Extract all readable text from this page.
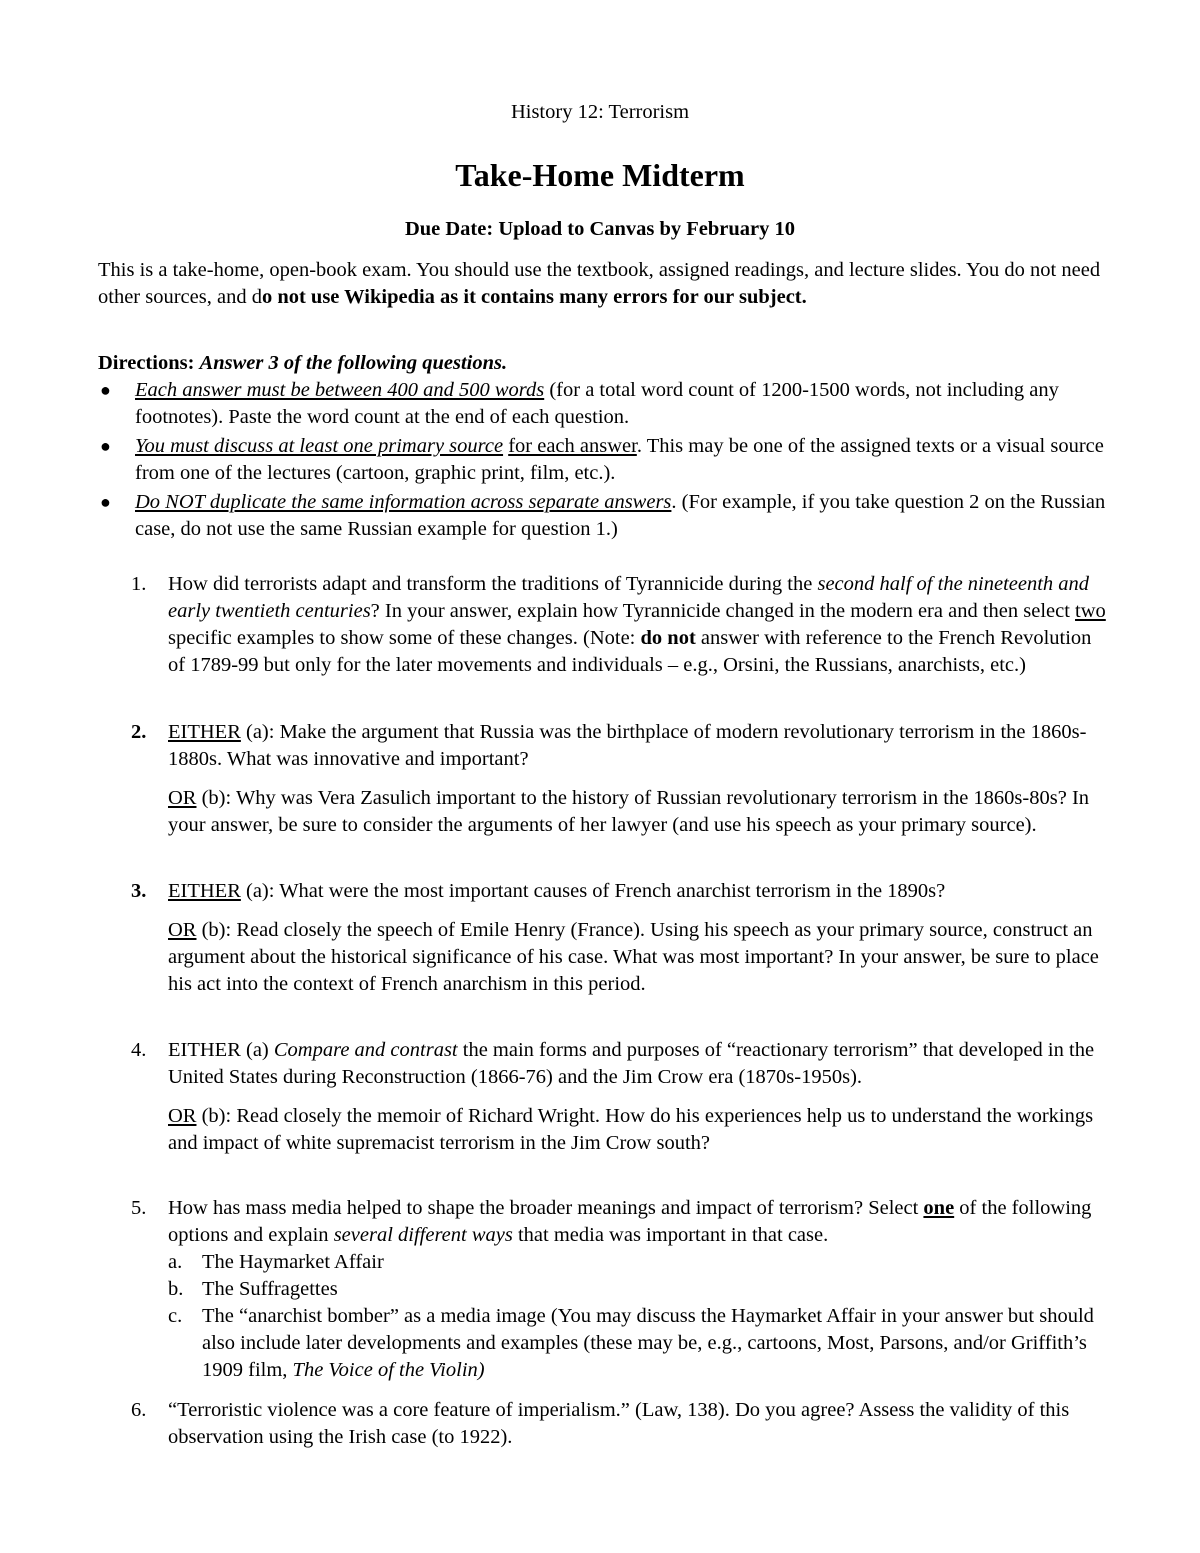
History 12: Terrorism

Take-Home Midterm

Due Date: Upload to Canvas by February 10

This is a take-home, open-book exam. You should use the textbook, assigned readings, and lecture slides. You do not need other sources, and do not use Wikipedia as it contains many errors for our subject.

Directions: Answer 3 of the following questions.

● Each answer must be between 400 and 500 words (for a total word count of 1200-1500 words, not including any footnotes). Paste the word count at the end of each question.
● You must discuss at least one primary source for each answer. This may be one of the assigned texts or a visual source from one of the lectures (cartoon, graphic print, film, etc.).
● Do NOT duplicate the same information across separate answers. (For example, if you take question 2 on the Russian case, do not use the same Russian example for question 1.)
1. How did terrorists adapt and transform the traditions of Tyrannicide during the second half of the nineteenth and early twentieth centuries? In your answer, explain how Tyrannicide changed in the modern era and then select two specific examples to show some of these changes. (Note: do not answer with reference to the French Revolution of 1789-99 but only for the later movements and individuals – e.g., Orsini, the Russians, anarchists, etc.)

2. EITHER (a): Make the argument that Russia was the birthplace of modern revolutionary terrorism in the 1860s-1880s. What was innovative and important?

OR (b): Why was Vera Zasulich important to the history of Russian revolutionary terrorism in the 1860s-80s? In your answer, be sure to consider the arguments of her lawyer (and use his speech as your primary source).

3. EITHER (a): What were the most important causes of French anarchist terrorism in the 1890s?

OR (b): Read closely the speech of Emile Henry (France). Using his speech as your primary source, construct an argument about the historical significance of his case. What was most important? In your answer, be sure to place his act into the context of French anarchism in this period.

4. EITHER (a) Compare and contrast the main forms and purposes of “reactionary terrorism” that developed in the United States during Reconstruction (1866-76) and the Jim Crow era (1870s-1950s).

OR (b): Read closely the memoir of Richard Wright. How do his experiences help us to understand the workings and impact of white supremacist terrorism in the Jim Crow south?

5. How has mass media helped to shape the broader meanings and impact of terrorism? Select one of the following options and explain several different ways that media was important in that case.

a. The Haymarket Affair
b. The Suffragettes
c. The “anarchist bomber” as a media image (You may discuss the Haymarket Affair in your answer but should also include later developments and examples (these may be, e.g., cartoons, Most, Parsons, and/or Griffith’s 1909 film, The Voice of the Violin)
6. “Terroristic violence was a core feature of imperialism.” (Law, 138). Do you agree? Assess the validity of this observation using the Irish case (to 1922).
